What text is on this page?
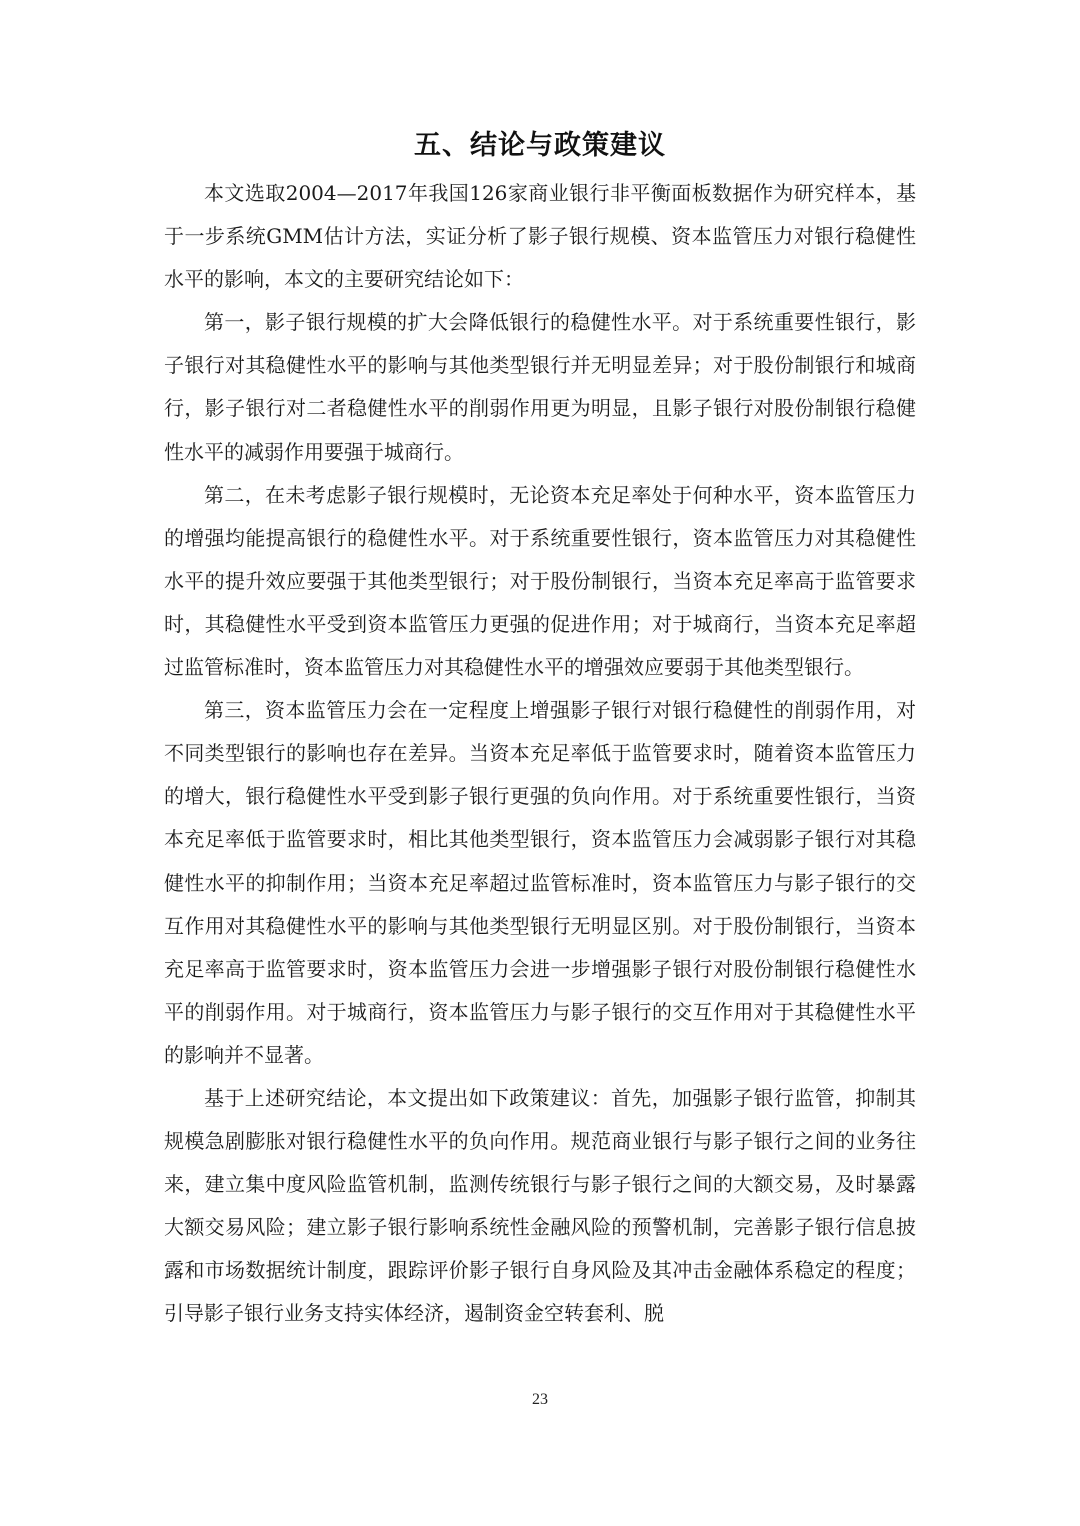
五、结论与政策建议

本文选取2004—2017年我国126家商业银行非平衡面板数据作为研究样本，基于一步系统GMM估计方法，实证分析了影子银行规模、资本监管压力对银行稳健性水平的影响，本文的主要研究结论如下：

第一，影子银行规模的扩大会降低银行的稳健性水平。对于系统重要性银行，影子银行对其稳健性水平的影响与其他类型银行并无明显差异；对于股份制银行和城商行，影子银行对二者稳健性水平的削弱作用更为明显，且影子银行对股份制银行稳健性水平的减弱作用要强于城商行。

第二，在未考虑影子银行规模时，无论资本充足率处于何种水平，资本监管压力的增强均能提高银行的稳健性水平。对于系统重要性银行，资本监管压力对其稳健性水平的提升效应要强于其他类型银行；对于股份制银行，当资本充足率高于监管要求时，其稳健性水平受到资本监管压力更强的促进作用；对于城商行，当资本充足率超过监管标准时，资本监管压力对其稳健性水平的增强效应要弱于其他类型银行。

第三，资本监管压力会在一定程度上增强影子银行对银行稳健性的削弱作用，对不同类型银行的影响也存在差异。当资本充足率低于监管要求时，随着资本监管压力的增大，银行稳健性水平受到影子银行更强的负向作用。对于系统重要性银行，当资本充足率低于监管要求时，相比其他类型银行，资本监管压力会减弱影子银行对其稳健性水平的抑制作用；当资本充足率超过监管标准时，资本监管压力与影子银行的交互作用对其稳健性水平的影响与其他类型银行无明显区别。对于股份制银行，当资本充足率高于监管要求时，资本监管压力会进一步增强影子银行对股份制银行稳健性水平的削弱作用。对于城商行，资本监管压力与影子银行的交互作用对于其稳健性水平的影响并不显著。

基于上述研究结论，本文提出如下政策建议：首先，加强影子银行监管，抑制其规模急剧膨胀对银行稳健性水平的负向作用。规范商业银行与影子银行之间的业务往来，建立集中度风险监管机制，监测传统银行与影子银行之间的大额交易，及时暴露大额交易风险；建立影子银行影响系统性金融风险的预警机制，完善影子银行信息披露和市场数据统计制度，跟踪评价影子银行自身风险及其冲击金融体系稳定的程度；引导影子银行业务支持实体经济，遏制资金空转套利、脱

23
